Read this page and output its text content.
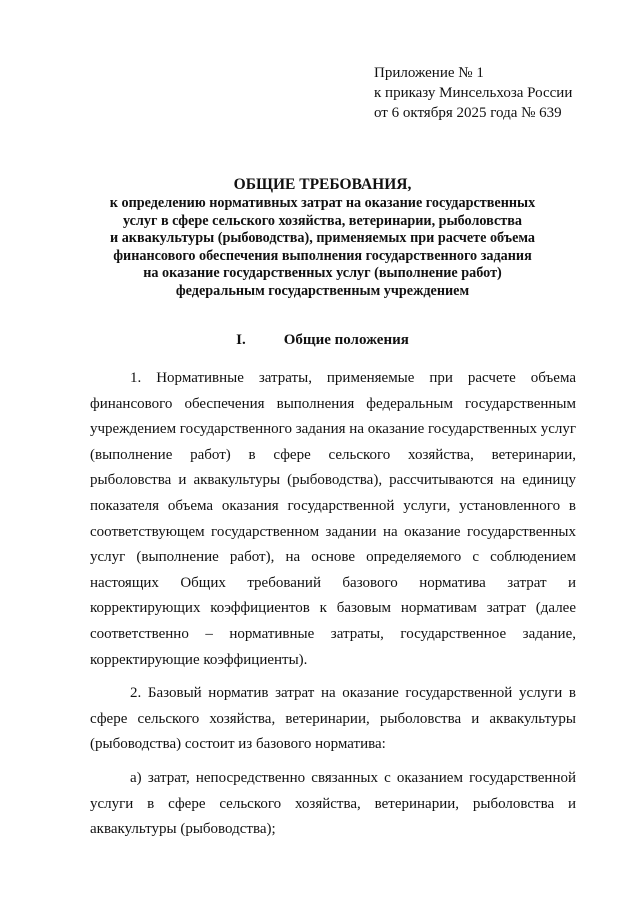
Приложение № 1
к приказу Минсельхоза России
от 6 октября 2025 года № 639
ОБЩИЕ ТРЕБОВАНИЯ,
к определению нормативных затрат на оказание государственных
услуг в сфере сельского хозяйства, ветеринарии, рыболовства
и аквакультуры (рыбоводства), применяемых при расчете объема
финансового обеспечения выполнения государственного задания
на оказание государственных услуг (выполнение работ)
федеральным государственным учреждением
I.	Общие положения

1. Нормативные затраты, применяемые при расчете объема финансового обеспечения выполнения федеральным государственным учреждением государственного задания на оказание государственных услуг (выполнение работ) в сфере сельского хозяйства, ветеринарии, рыболовства и аквакультуры (рыбоводства), рассчитываются на единицу показателя объема оказания государственной услуги, установленного в соответствующем государственном задании на оказание государственных услуг (выполнение работ), на основе определяемого с соблюдением настоящих Общих требований базового норматива затрат и корректирующих коэффициентов к базовым нормативам затрат (далее соответственно – нормативные затраты, государственное задание, корректирующие коэффициенты).

2. Базовый норматив затрат на оказание государственной услуги в сфере сельского хозяйства, ветеринарии, рыболовства и аквакультуры (рыбоводства) состоит из базового норматива:

а) затрат, непосредственно связанных с оказанием государственной услуги в сфере сельского хозяйства, ветеринарии, рыболовства и аквакультуры (рыбоводства);
